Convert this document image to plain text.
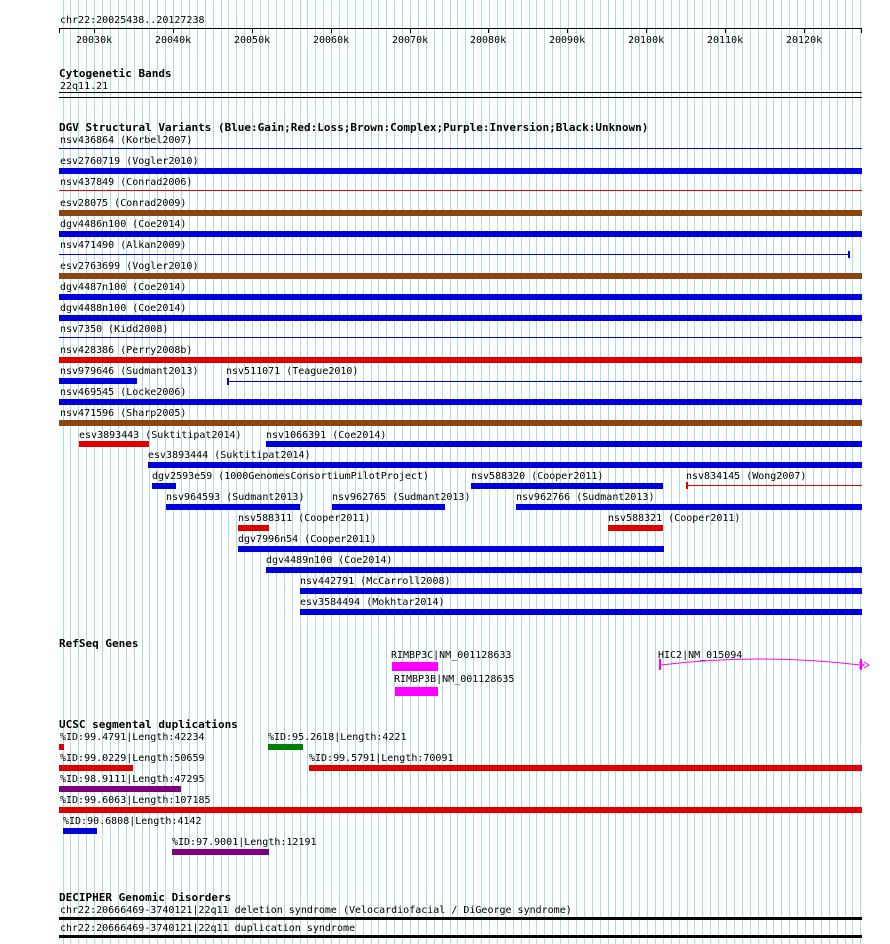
chr22:20025438..20127238
20030k	20040k	20050k	20060k	20070k	20080k	20090k	20100k	20110k	20120k
Cytogenetic Bands
22q11.21
DGV Structural Variants (Blue:Gain;Red:Loss;Brown:Complex;Purple:Inversion;Black:Unknown)
nsv436864 (Korbel2007)
esv2760719 (Vogler2010)
nsv437849 (Conrad2006)
esv28075 (Conrad2009)
dgv4486n100 (Coe2014)
nsv471490 (Alkan2009)
esv2763699 (Vogler2010)
dgv4487n100 (Coe2014)
dgv4488n100 (Coe2014)
nsv7350 (Kidd2008)
nsv428386 (Perry2008b)
nsv979646 (Sudmant2013)	nsv511071 (Teague2010)
nsv469545 (Locke2006)
nsv471596 (Sharp2005)
esv3893443 (Suktitipat2014) nsv1066391 (Coe2014)
esv3893444 (Suktitipat2014)
dgv2593e59 (1000GenomesConsortiumPilotProject)	nsv588320 (Cooper2011)	nsv834145 (Wong2007)
nsv964593 (Sudmant2013)	nsv962765 (Sudmant2013)	nsv962766 (Sudmant2013)
nsv588311 (Cooper2011)	nsv588321 (Cooper2011)
dgv7996n54 (Cooper2011)
dgv4489n100 (Coe2014)
nsv442791 (McCarroll2008)
esv3584494 (Mokhtar2014)
RefSeq Genes
RIMBP3C|NM_001128633	HIC2|NM_015094
RIMBP3B|NM_001128635
UCSC segmental duplications
%ID:99.4791|Length:42234	%ID:95.2618|Length:4221
%ID:99.0229|Length:50659	%ID:99.5791|Length:70091
%ID:98.9111|Length:47295
%ID:99.6063|Length:107185
%ID:90.6808|Length:4142
%ID:97.9001|Length:12191
DECIPHER Genomic Disorders
chr22:20666469-3740121|22q11 deletion syndrome (Velocardiofacial / DiGeorge syndrome)
chr22:20666469-3740121|22q11 duplication syndrome
